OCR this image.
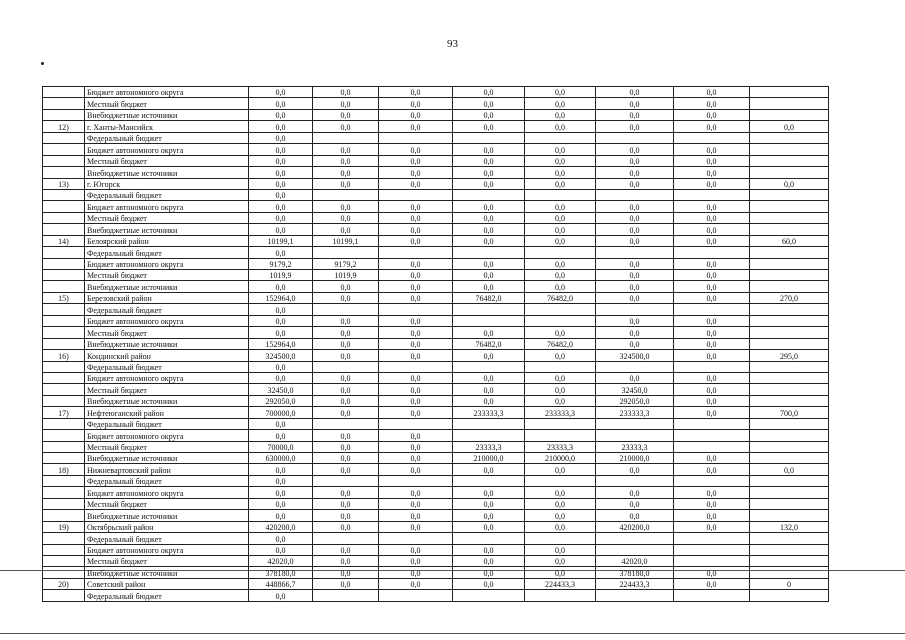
93
	Бюджет автономного округа	0,0	0,0	0,0	0,0	0,0	0,0	0,0	
	Местный бюджет	0,0	0,0	0,0	0,0	0,0	0,0	0,0	
	Внебюджетные источники	0,0	0,0	0,0	0,0	0,0	0,0	0,0	
12)	г. Ханты-Мансийск	0,0	0,0	0,0	0,0	0,0	0,0	0,0	0,0
	Федеральный бюджет	0,0							
	Бюджет автономного округа	0,0	0,0	0,0	0,0	0,0	0,0	0,0	
	Местный бюджет	0,0	0,0	0,0	0,0	0,0	0,0	0,0	
	Внебюджетные источники	0,0	0,0	0,0	0,0	0,0	0,0	0,0	
13)	г. Югорск	0,0	0,0	0,0	0,0	0,0	0,0	0,0	0,0
	Федеральный бюджет	0,0							
	Бюджет автономного округа	0,0	0,0	0,0	0,0	0,0	0,0	0,0	
	Местный бюджет	0,0	0,0	0,0	0,0	0,0	0,0	0,0	
	Внебюджетные источники	0,0	0,0	0,0	0,0	0,0	0,0	0,0	
14)	Белоярский район	10199,1	10199,1	0,0	0,0	0,0	0,0	0,0	60,0
	Федеральный бюджет	0,0							
	Бюджет автономного округа	9179,2	9179,2	0,0	0,0	0,0	0,0	0,0	
	Местный бюджет	1019,9	1019,9	0,0	0,0	0,0	0,0	0,0	
	Внебюджетные источники	0,0	0,0	0,0	0,0	0,0	0,0	0,0	
15)	Березовский район	152964,0	0,0	0,0	76482,0	76482,0	0,0	0,0	270,0
	Федеральный бюджет	0,0							
	Бюджет автономного округа	0,0	0,0	0,0			0,0	0,0	
	Местный бюджет	0,0	0,0	0,0	0,0	0,0	0,0	0,0	
	Внебюджетные источники	152964,0	0,0	0,0	76482,0	76482,0	0,0	0,0	
16)	Кондинский район	324500,0	0,0	0,0	0,0	0,0	324500,0	0,0	295,0
	Федеральный бюджет	0,0							
	Бюджет автономного округа	0,0	0,0	0,0	0,0	0,0	0,0	0,0	
	Местный бюджет	32450,0	0,0	0,0	0,0	0,0	32450,0	0,0	
	Внебюджетные источники	292050,0	0,0	0,0	0,0	0,0	292050,0	0,0	
17)	Нефтеюганский район	700000,0	0,0	0,0	233333,3	233333,3	233333,3	0,0	700,0
	Федеральный бюджет	0,0							
	Бюджет автономного округа	0,0	0,0	0,0					
	Местный бюджет	70000,0	0,0	0,0	23333,3	23333,3	23333,3		
	Внебюджетные источники	630000,0	0,0	0,0	210000,0	210000,0	210000,0	0,0	
18)	Нижневартовский район	0,0	0,0	0,0	0,0	0,0	0,0	0,0	0,0
	Федеральный бюджет	0,0							
	Бюджет автономного округа	0,0	0,0	0,0	0,0	0,0	0,0	0,0	
	Местный бюджет	0,0	0,0	0,0	0,0	0,0	0,0	0,0	
	Внебюджетные источники	0,0	0,0	0,0	0,0	0,0	0,0	0,0	
19)	Октябрьский район	420200,0	0,0	0,0	0,0	0,0	420200,0	0,0	132,0
	Федеральный бюджет	0,0							
	Бюджет автономного округа	0,0	0,0	0,0	0,0	0,0			
	Местный бюджет	42020,0	0,0	0,0	0,0	0,0	42020,0		
	Внебюджетные источники	378180,0	0,0	0,0	0,0	0,0	378180,0	0,0	
20)	Советский район	448866,7	0,0	0,0	0,0	224433,3	224433,3	0,0	0
	Федеральный бюджет	0,0							
